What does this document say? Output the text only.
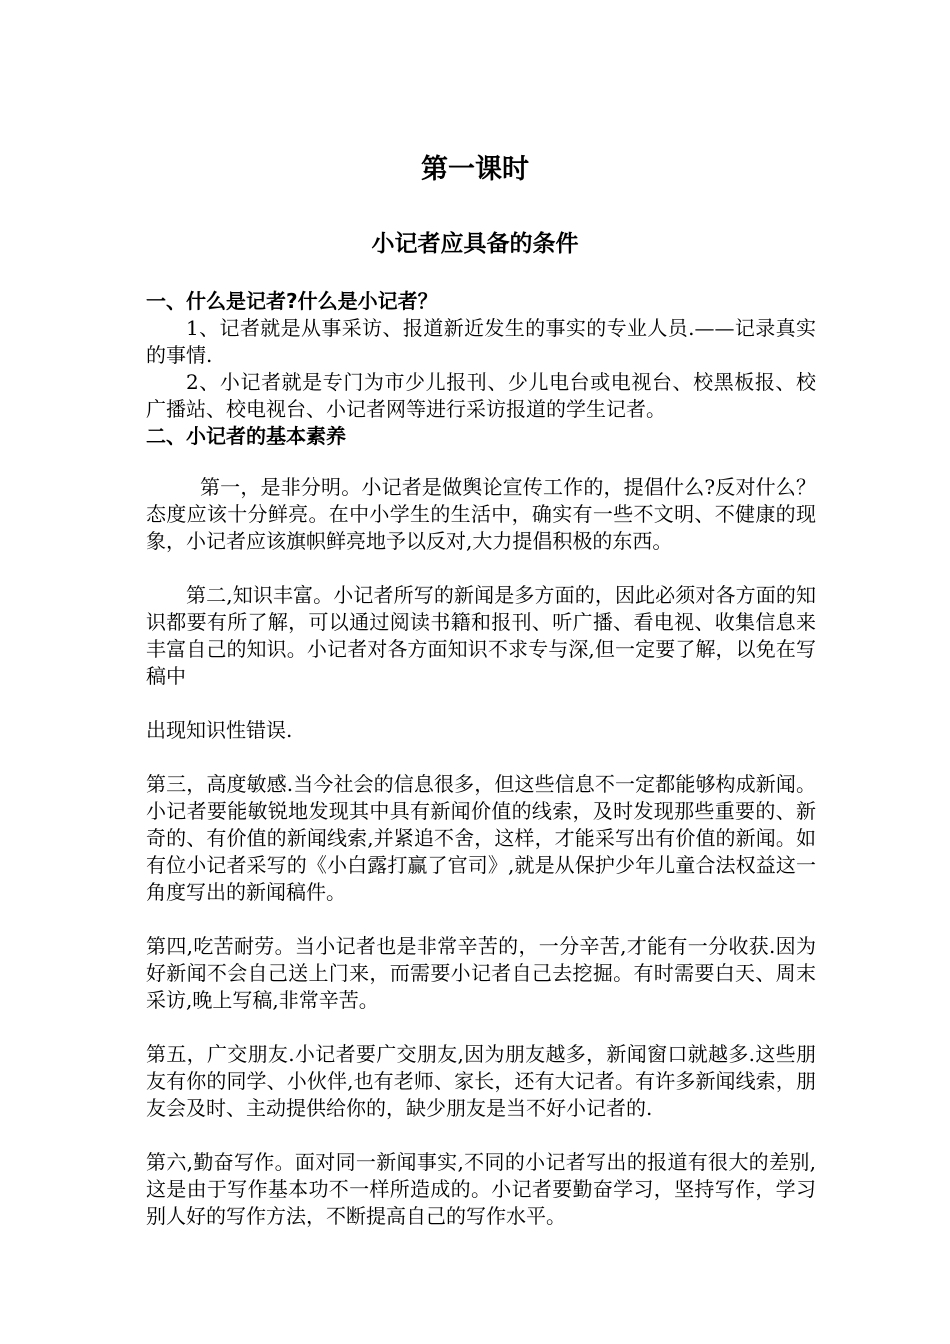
第一课时
小记者应具备的条件

一、什么是记者?什么是小记者？

1、记者就是从事采访、报道新近发生的事实的专业人员.——记录真实的事情.

2、小记者就是专门为市少儿报刊、少儿电台或电视台、校黑板报、校广播站、校电视台、小记者网等进行采访报道的学生记者。

二、小记者的基本素养

第一，是非分明。小记者是做舆论宣传工作的，提倡什么?反对什么？态度应该十分鲜亮。在中小学生的生活中，确实有一些不文明、不健康的现象，小记者应该旗帜鲜亮地予以反对,大力提倡积极的东西。

第二,知识丰富。小记者所写的新闻是多方面的，因此必须对各方面的知识都要有所了解，可以通过阅读书籍和报刊、听广播、看电视、收集信息来丰富自己的知识。小记者对各方面知识不求专与深,但一定要了解，以免在写稿中

出现知识性错误.

第三，高度敏感.当今社会的信息很多，但这些信息不一定都能够构成新闻。小记者要能敏锐地发现其中具有新闻价值的线索，及时发现那些重要的、新奇的、有价值的新闻线索,并紧追不舍，这样，才能采写出有价值的新闻。如有位小记者采写的《小白露打赢了官司》,就是从保护少年儿童合法权益这一角度写出的新闻稿件。

第四,吃苦耐劳。当小记者也是非常辛苦的，一分辛苦,才能有一分收获.因为好新闻不会自己送上门来，而需要小记者自己去挖掘。有时需要白天、周末采访,晚上写稿,非常辛苦。

第五，广交朋友.小记者要广交朋友,因为朋友越多，新闻窗口就越多.这些朋友有你的同学、小伙伴,也有老师、家长，还有大记者。有许多新闻线索，朋友会及时、主动提供给你的，缺少朋友是当不好小记者的.

第六,勤奋写作。面对同一新闻事实,不同的小记者写出的报道有很大的差别,这是由于写作基本功不一样所造成的。小记者要勤奋学习，坚持写作，学习别人好的写作方法，不断提高自己的写作水平。
